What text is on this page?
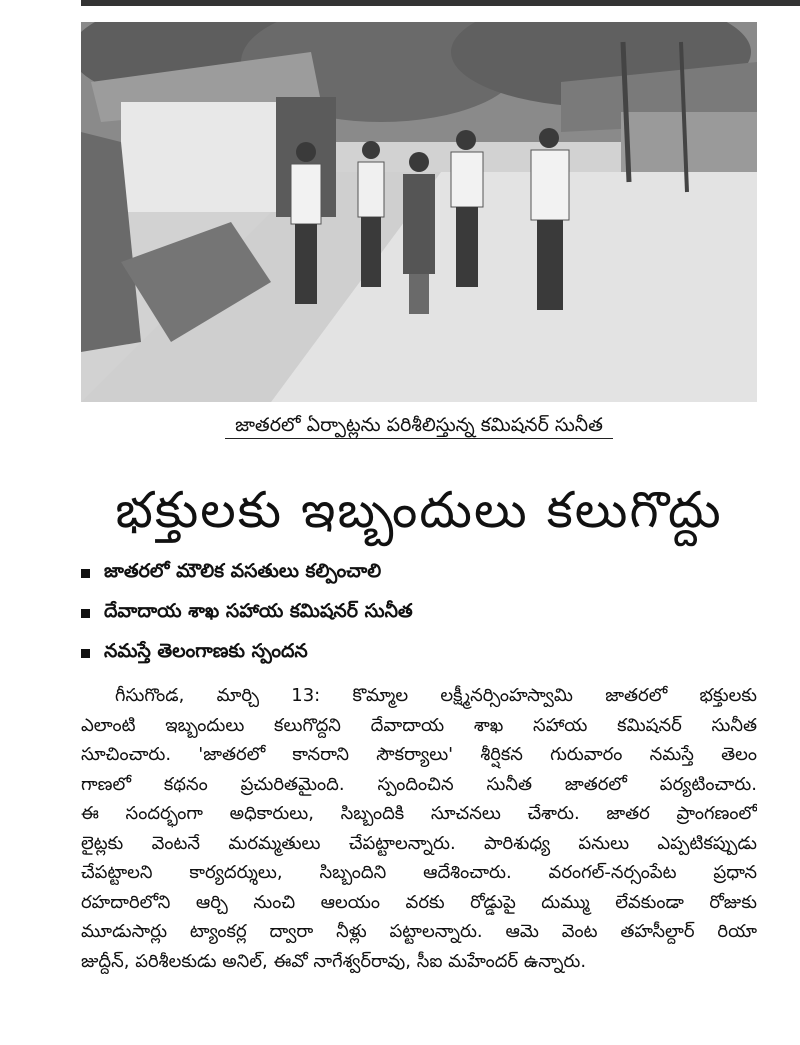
జాతరలో ఏర్పాట్లను పరిశీలిస్తున్న కమిషనర్ సునీత
భక్తులకు ఇబ్బందులు కలుగొద్దు
జాతరలో మౌలిక వసతులు కల్పించాలి
దేవాదాయ శాఖ సహాయ కమిషనర్ సునీత
నమస్తే తెలంగాణకు స్పందన
గీసుగొండ, మార్చి 13: కొమ్మాల లక్ష్మీనర్సింహస్వామి జాతరలో భక్తులకు
ఎలాంటి ఇబ్బందులు కలుగొద్దని దేవాదాయ శాఖ సహాయ కమిషనర్ సునీత
సూచించారు. 'జాతరలో కానరాని సౌకర్యాలు' శీర్షికన గురువారం నమస్తే తెలం
గాణలో కథనం ప్రచురితమైంది. స్పందించిన సునీత జాతరలో పర్యటించారు.
ఈ సందర్భంగా అధికారులు, సిబ్బందికి సూచనలు చేశారు. జాతర ప్రాంగణంలో
లైట్లకు వెంటనే మరమ్మతులు చేపట్టాలన్నారు. పారిశుధ్య పనులు ఎప్పటికప్పుడు
చేపట్టాలని కార్యదర్శులు, సిబ్బందిని ఆదేశించారు. వరంగల్-నర్సంపేట ప్రధాన
రహదారిలోని ఆర్చి నుంచి ఆలయం వరకు రోడ్డుపై దుమ్ము లేవకుండా రోజుకు
మూడుసార్లు ట్యాంకర్ల ద్వారా నీళ్లు పట్టాలన్నారు. ఆమె వెంట తహసీల్దార్ రియా
జుద్దీన్, పరిశీలకుడు అనిల్, ఈవో నాగేశ్వర్‌రావు, సీఐ మహేందర్ ఉన్నారు.
